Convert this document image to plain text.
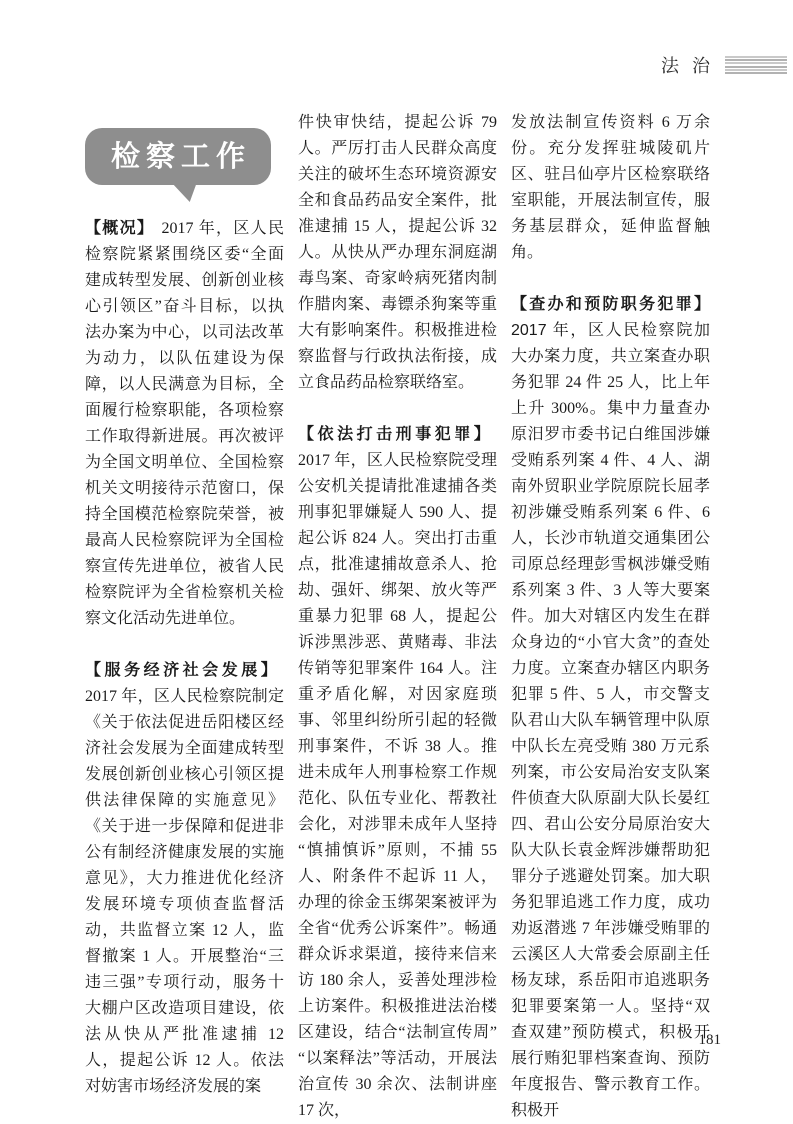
法治
检察工作

【概况】 2017 年，区人民检察院紧紧围绕区委“全面建成转型发展、创新创业核心引领区”奋斗目标，以执法办案为中心，以司法改革为动力，以队伍建设为保障，以人民满意为目标，全面履行检察职能，各项检察工作取得新进展。再次被评为全国文明单位、全国检察机关文明接待示范窗口，保持全国模范检察院荣誉，被最高人民检察院评为全国检察宣传先进单位，被省人民检察院评为全省检察机关检察文化活动先进单位。

【服务经济社会发展】2017 年，区人民检察院制定《关于依法促进岳阳楼区经济社会发展为全面建成转型发展创新创业核心引领区提供法律保障的实施意见》《关于进一步保障和促进非公有制经济健康发展的实施意见》，大力推进优化经济发展环境专项侦查监督活动，共监督立案 12 人，监督撤案 1 人。开展整治“三违三强”专项行动，服务十大棚户区改造项目建设，依法从快从严批准逮捕 12 人，提起公诉 12 人。依法对妨害市场经济发展的案

件快审快结，提起公诉 79 人。严厉打击人民群众高度关注的破坏生态环境资源安全和食品药品安全案件，批准逮捕 15 人，提起公诉 32 人。从快从严办理东洞庭湖毒鸟案、奇家岭病死猪肉制作腊肉案、毒镖杀狗案等重大有影响案件。积极推进检察监督与行政执法衔接，成立食品药品检察联络室。

【依法打击刑事犯罪】2017 年，区人民检察院受理公安机关提请批准逮捕各类刑事犯罪嫌疑人 590 人、提起公诉 824 人。突出打击重点，批准逮捕故意杀人、抢劫、强奸、绑架、放火等严重暴力犯罪 68 人，提起公诉涉黑涉恶、黄赌毒、非法传销等犯罪案件 164 人。注重矛盾化解，对因家庭琐事、邻里纠纷所引起的轻微刑事案件，不诉 38 人。推进未成年人刑事检察工作规范化、队伍专业化、帮教社会化，对涉罪未成年人坚持“慎捕慎诉”原则，不捕 55 人、附条件不起诉 11 人，办理的徐金玉绑架案被评为全省“优秀公诉案件”。畅通群众诉求渠道，接待来信来访 180 余人，妥善处理涉检上访案件。积极推进法治楼区建设，结合“法制宣传周”“以案释法”等活动，开展法治宣传 30 余次、法制讲座 17 次，

发放法制宣传资料 6 万余份。充分发挥驻城陵矶片区、驻吕仙亭片区检察联络室职能，开展法制宣传，服务基层群众，延伸监督触角。

【查办和预防职务犯罪】
2017 年，区人民检察院加大办案力度，共立案查办职务犯罪 24 件 25 人，比上年上升 300%。集中力量查办原汨罗市委书记白维国涉嫌受贿系列案 4 件、4 人、湖南外贸职业学院原院长屈孝初涉嫌受贿系列案 6 件、6 人，长沙市轨道交通集团公司原总经理彭雪枫涉嫌受贿系列案 3 件、3 人等大要案件。加大对辖区内发生在群众身边的“小官大贪”的查处力度。立案查办辖区内职务犯罪 5 件、5 人，市交警支队君山大队车辆管理中队原中队长左亮受贿 380 万元系列案，市公安局治安支队案件侦查大队原副大队长晏红四、君山公安分局原治安大队大队长袁金辉涉嫌帮助犯罪分子逃避处罚案。加大职务犯罪追逃工作力度，成功劝返潜逃 7 年涉嫌受贿罪的云溪区人大常委会原副主任杨友球，系岳阳市追逃职务犯罪要案第一人。坚持“双查双建”预防模式，积极开展行贿犯罪档案查询、预防年度报告、警示教育工作。积极开

181
